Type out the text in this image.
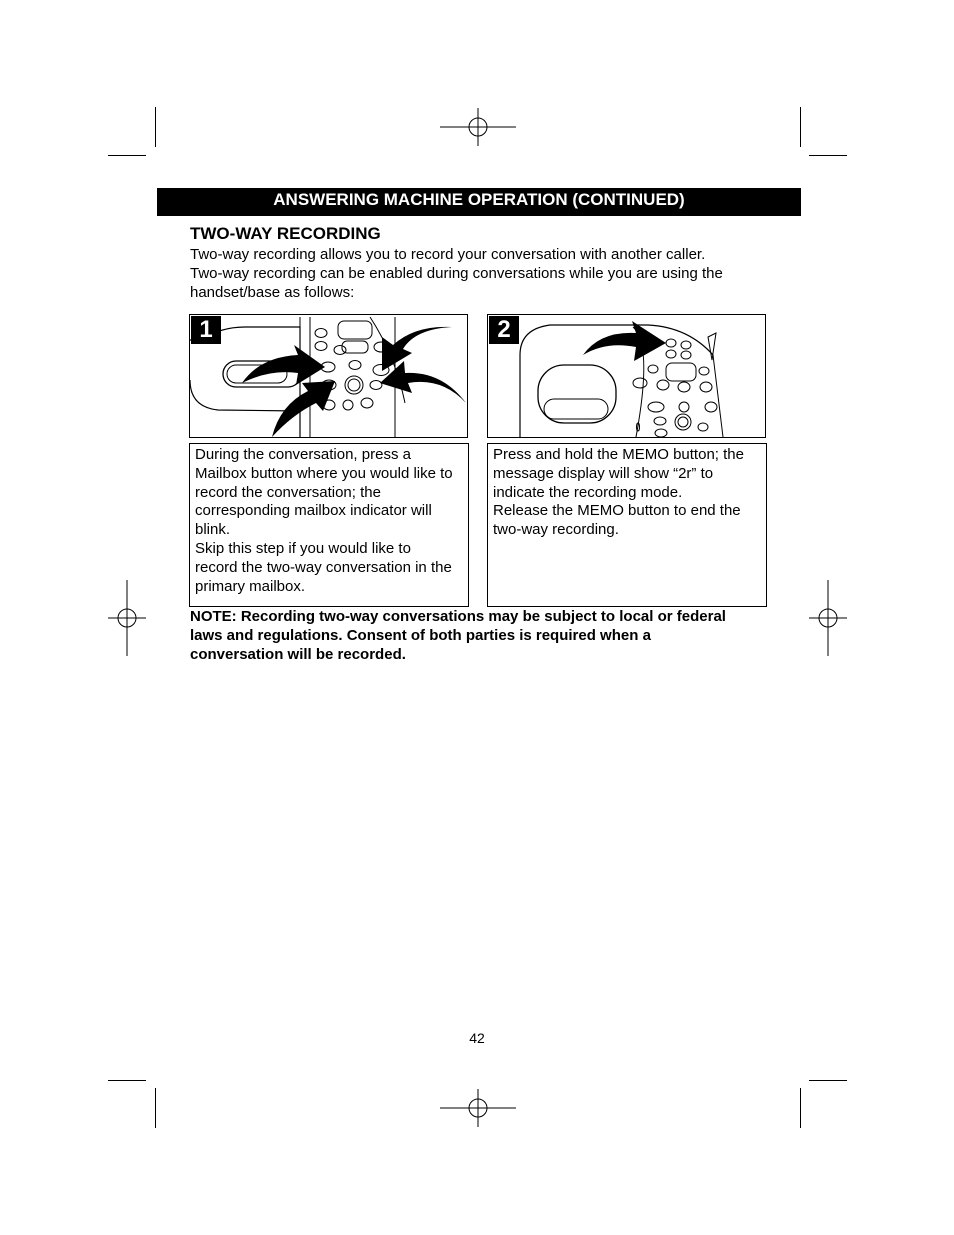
ANSWERING MACHINE OPERATION (CONTINUED)
TWO-WAY RECORDING
Two-way recording allows you to record your conversation with another caller.
Two-way recording can be enabled during conversations while you are using the
handset/base as follows:
1	2
During the conversation, press a
Mailbox button where you would like to
record the conversation; the
corresponding mailbox indicator will
blink.
Skip this step if you would like to
record the two-way conversation in the
primary mailbox.
Press and hold the MEMO button; the
message display will show “2r” to
indicate the recording mode.
Release the MEMO button to end the
two-way recording.
NOTE: Recording two-way conversations may be subject to local or federal
laws and regulations. Consent of both parties is required when a
conversation will be recorded.
42
